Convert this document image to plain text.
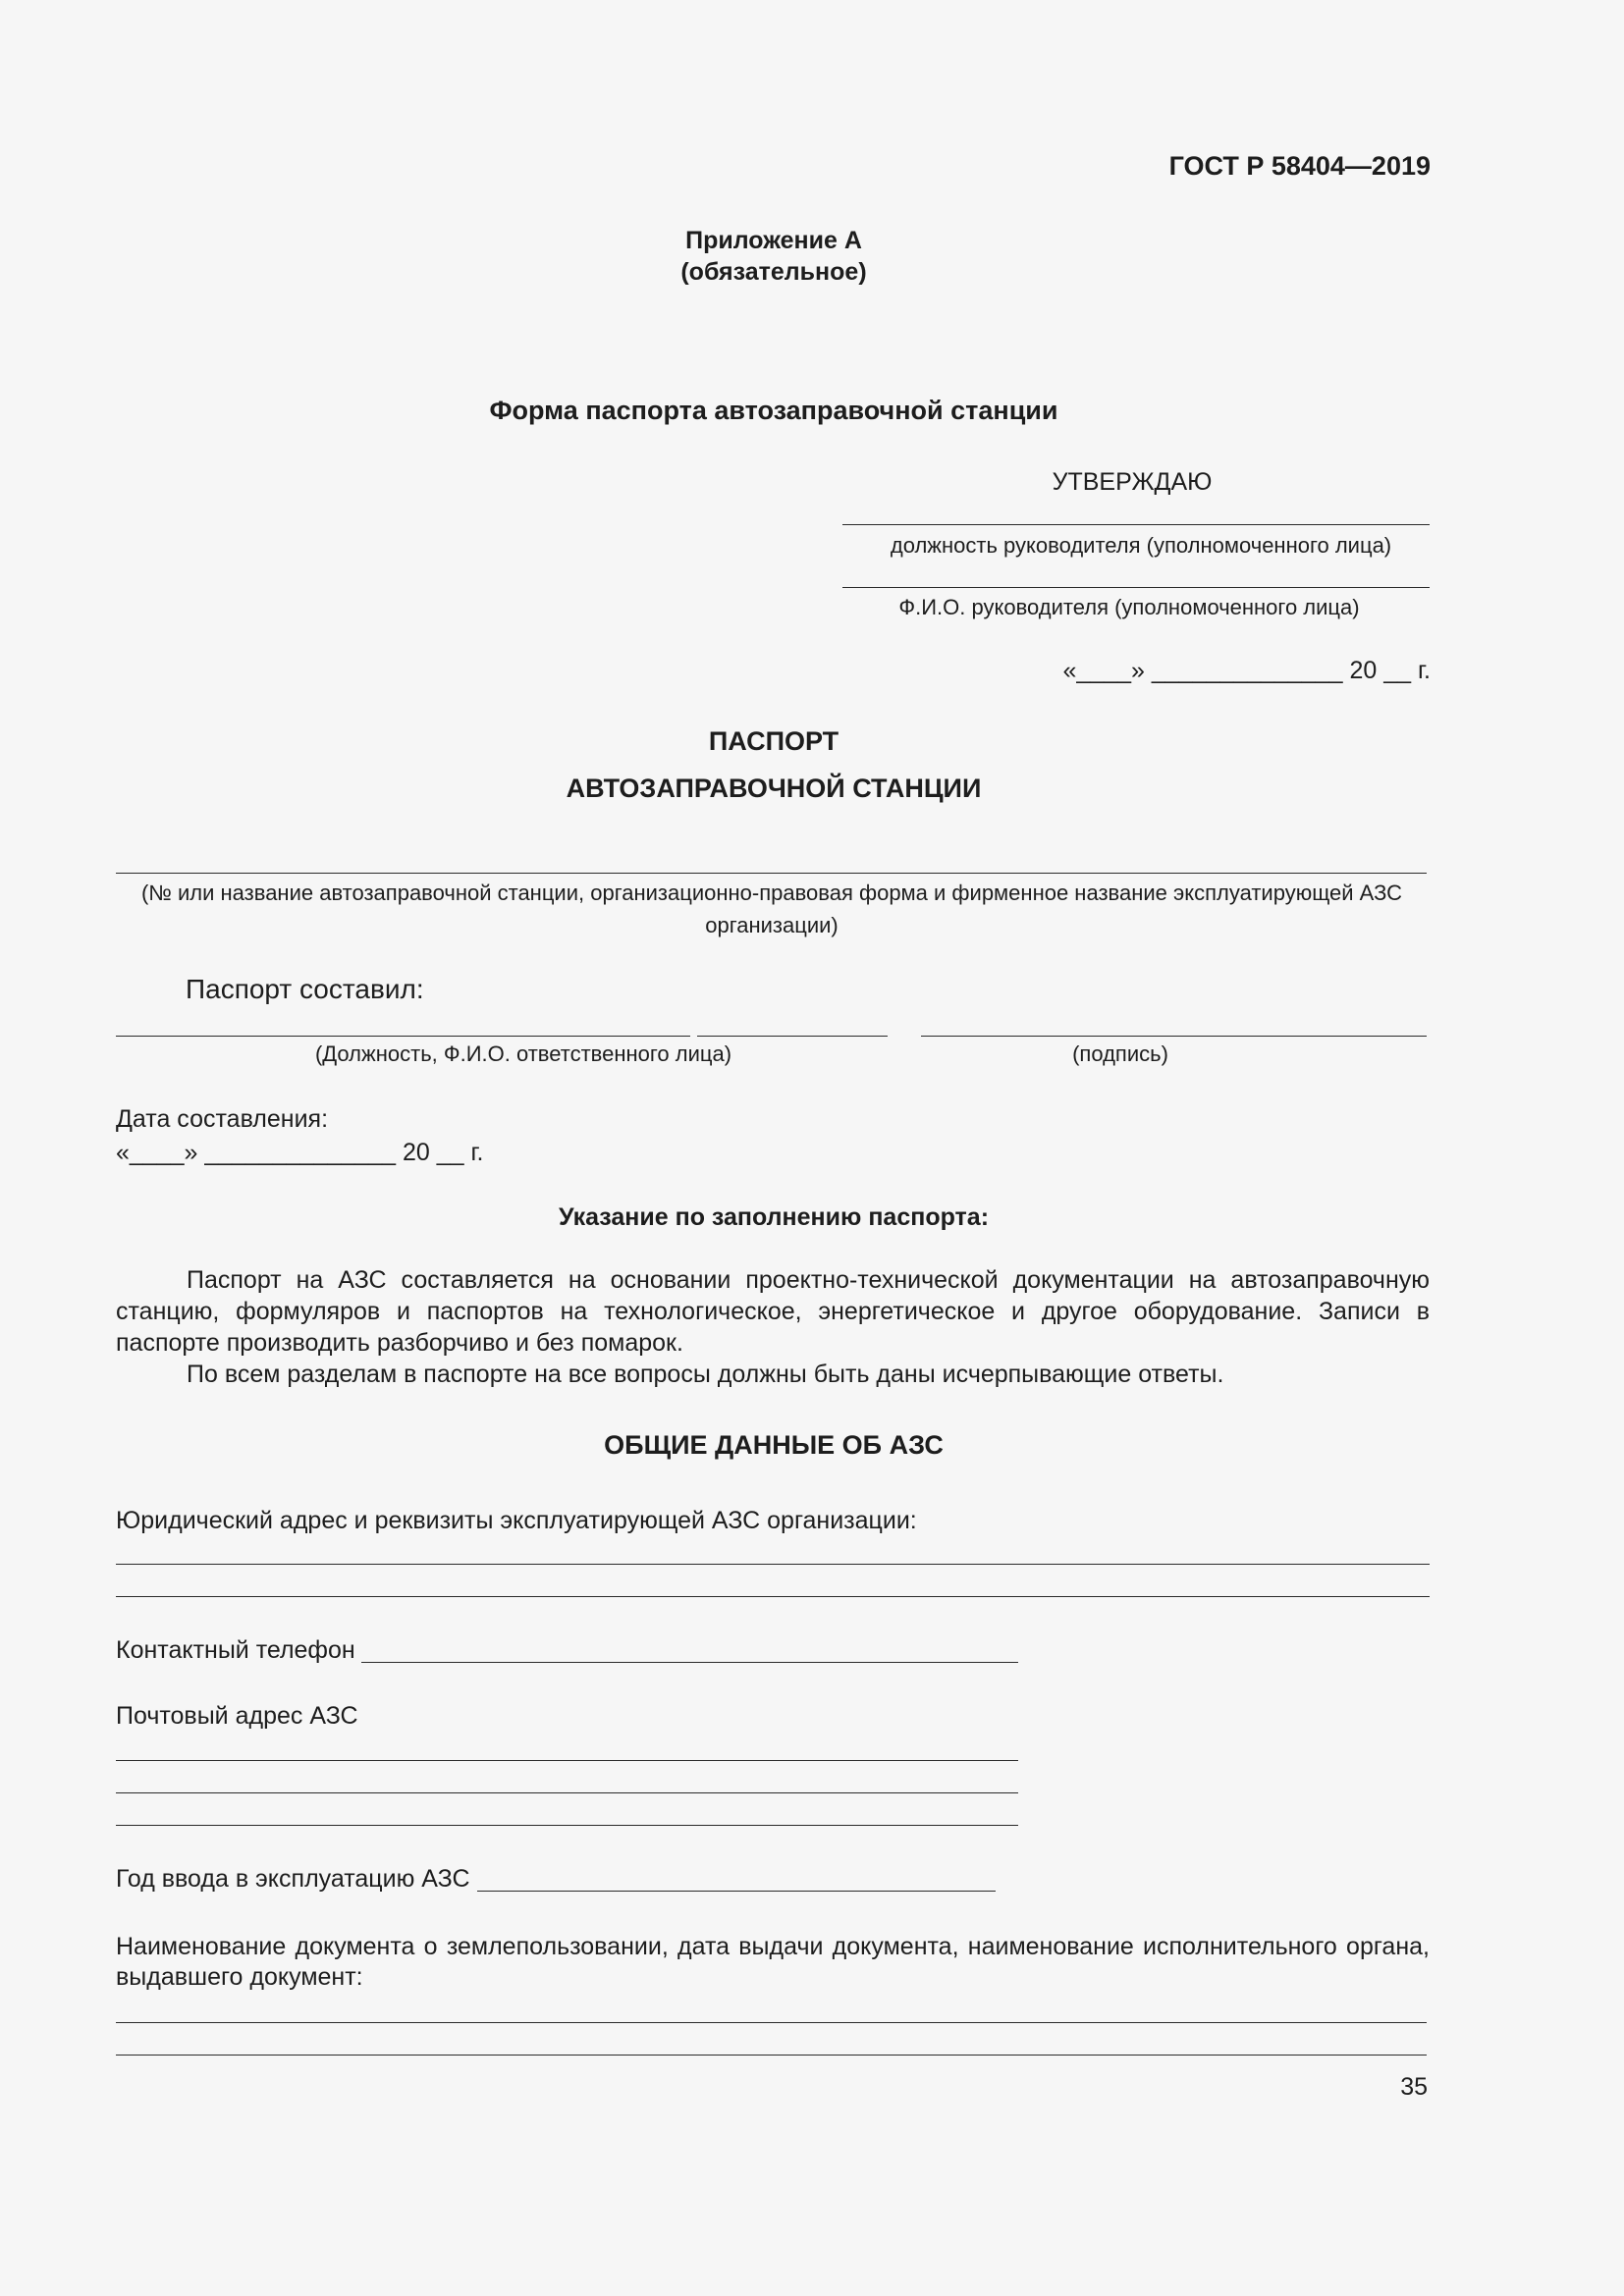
ГОСТ Р 58404—2019
Приложение А
(обязательное)
Форма паспорта автозаправочной станции
УТВЕРЖДАЮ
должность руководителя (уполномоченного лица)
Ф.И.О. руководителя (уполномоченного лица)
«____» ______________ 20 __ г.
ПАСПОРТ
АВТОЗАПРАВОЧНОЙ СТАНЦИИ
(№ или название автозаправочной станции, организационно-правовая форма и фирменное название эксплуатирующей АЗС
организации)
Паспорт составил:
(Должность, Ф.И.О. ответственного лица)	(подпись)
Дата составления:
«____» ______________ 20 __ г.
Указание по заполнению паспорта:

Паспорт на АЗС составляется на основании проектно-технической документации на автозаправочную станцию, формуляров и паспортов на технологическое, энергетическое и другое оборудование. Записи в паспорте производить разборчиво и без помарок.

По всем разделам в паспорте на все вопросы должны быть даны исчерпывающие ответы.

ОБЩИЕ ДАННЫЕ ОБ АЗС
Юридический адрес и реквизиты эксплуатирующей АЗС организации:
Контактный телефон
Почтовый адрес АЗС
Год ввода в эксплуатацию АЗС
Наименование документа о землепользовании, дата выдачи документа, наименование исполнительного органа,
выдавшего документ:
35
